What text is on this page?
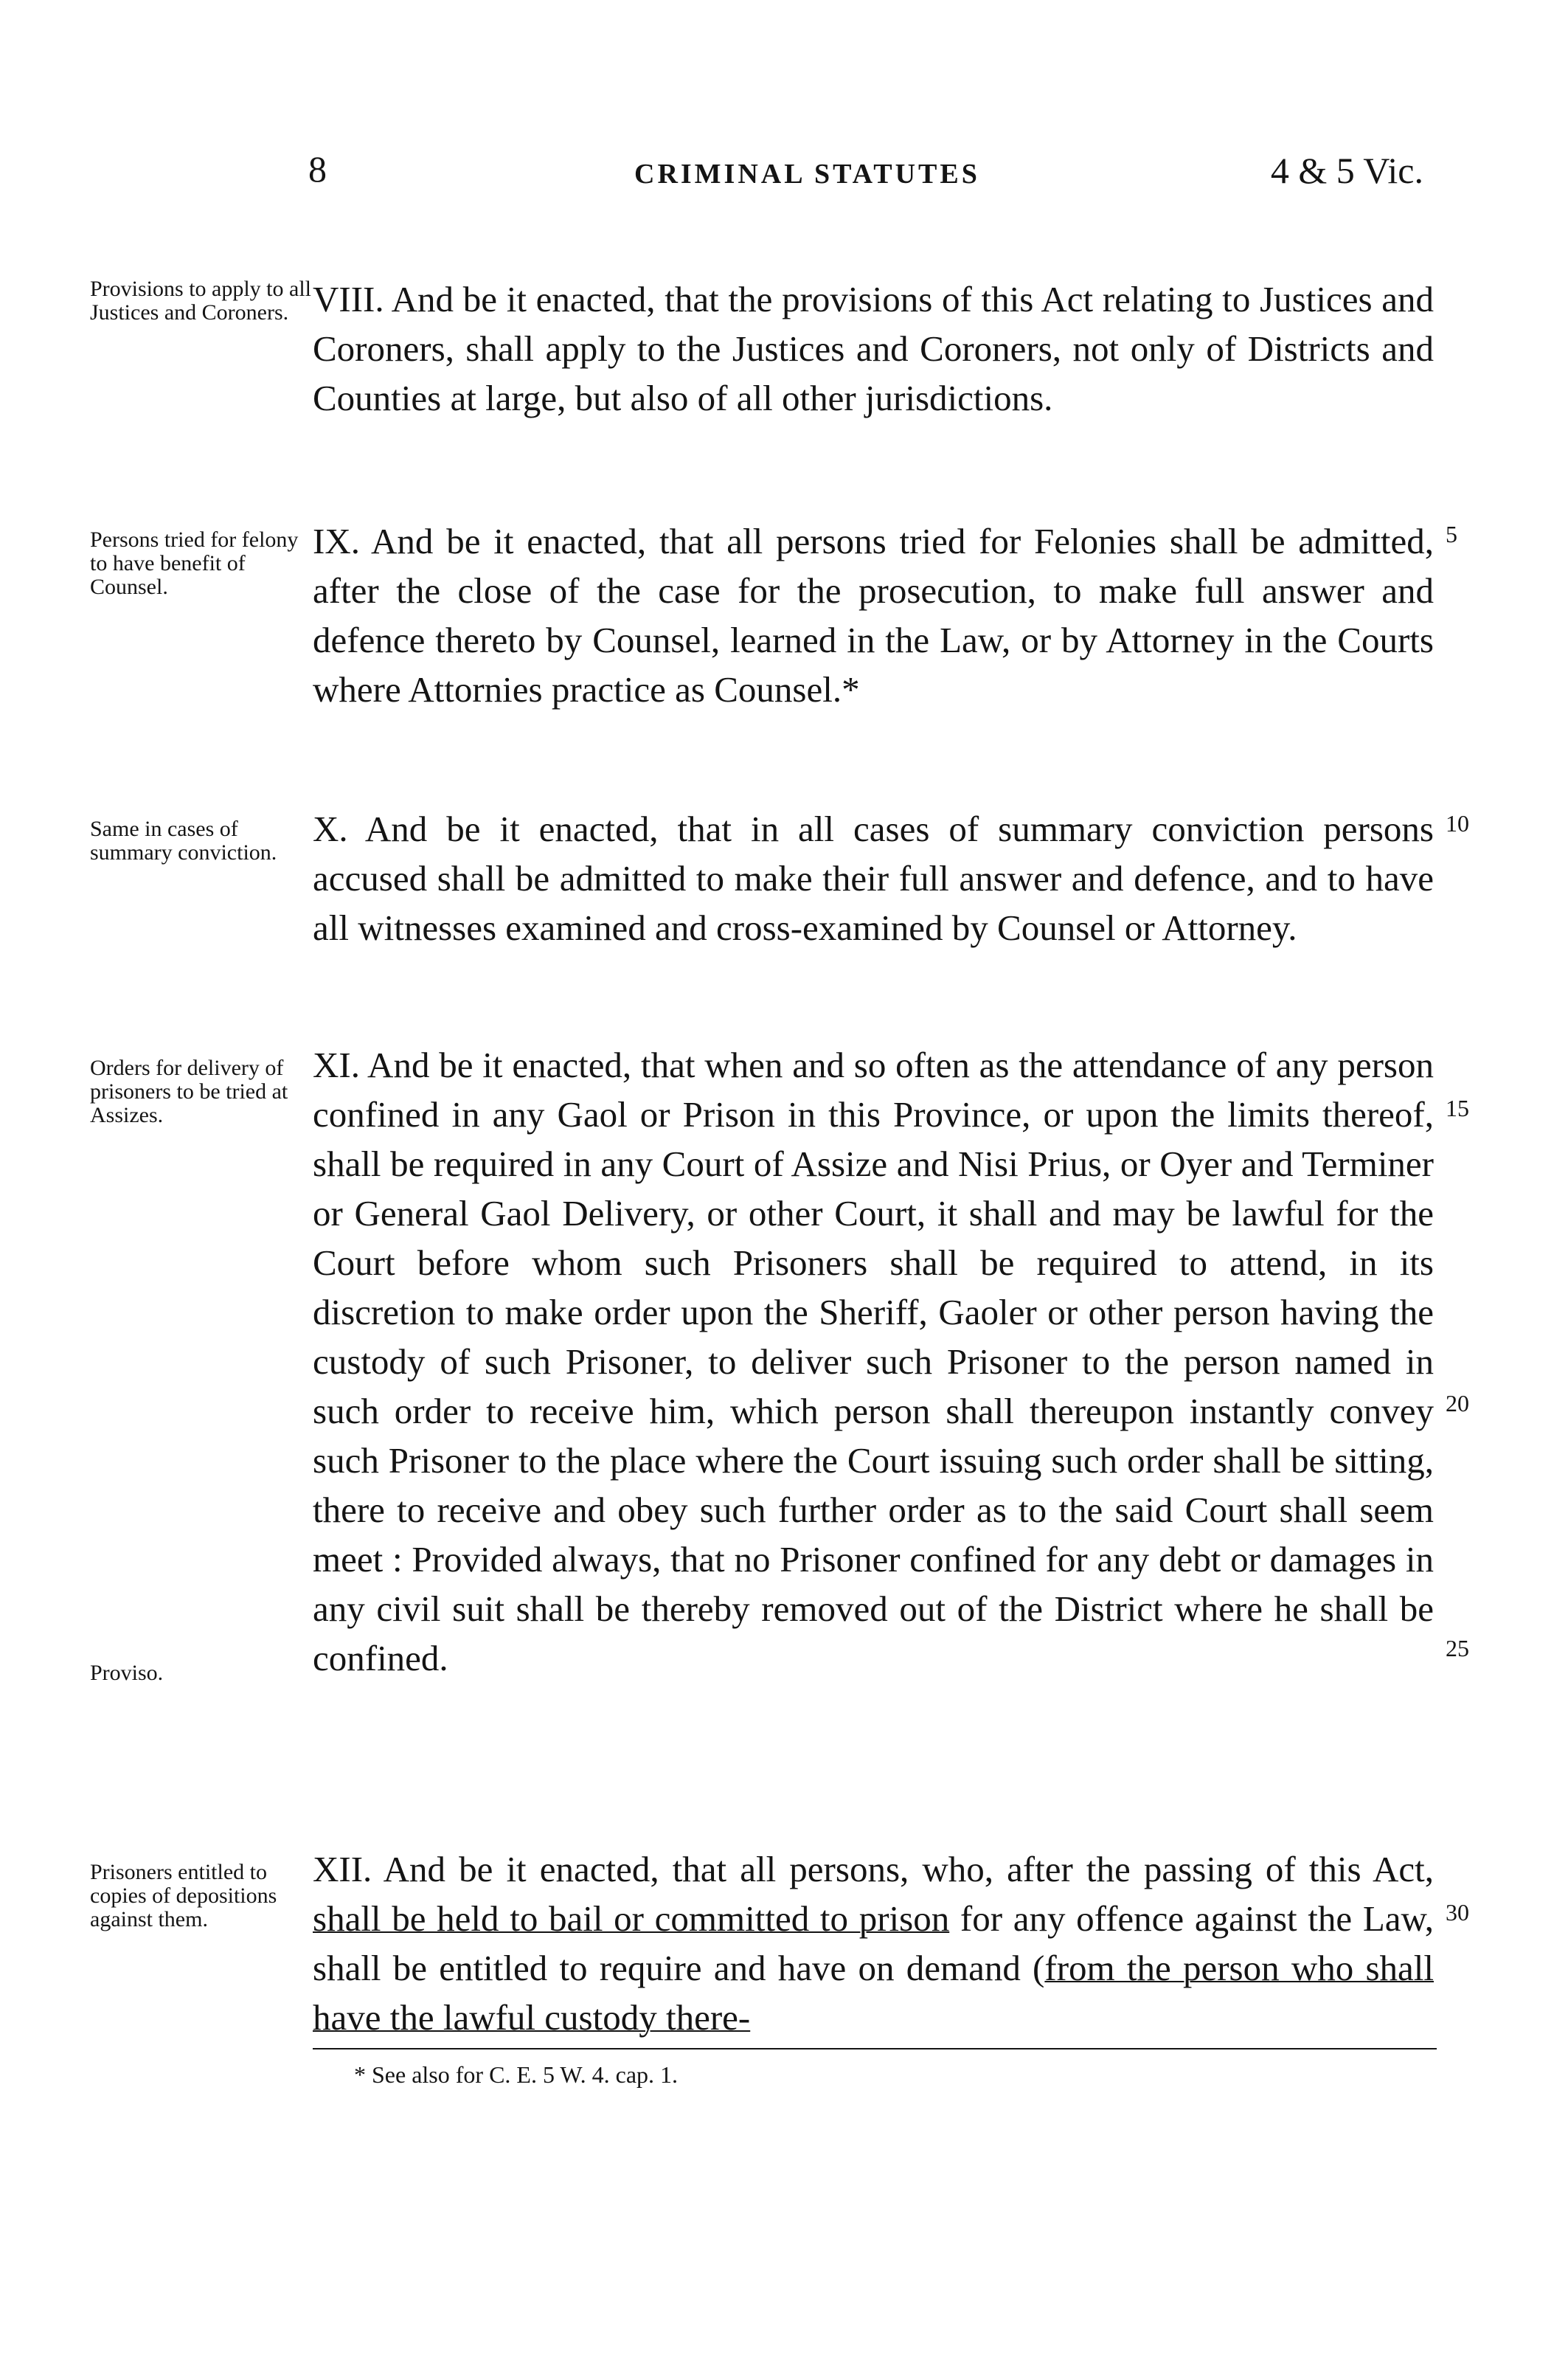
8	CRIMINAL STATUTES	4 & 5 Vic.
Provisions to apply to all Justices and Coroners. VIII. And be it enacted, that the provisions of this Act relating to Justices and Coroners, shall apply to the Justices and Coroners, not only of Districts and Counties at large, but also of all other jurisdictions.
Persons tried for felony to have benefit of Counsel.
IX. And be it enacted, that all persons tried for Felonies shall be admitted, after the close of the case for the prosecution, to make full answer and defence thereto by Counsel, learned in the Law, or by Attorney in the Courts where Attornies practice as Counsel.*
5
Same in cases of summary conviction.
X. And be it enacted, that in all cases of summary conviction persons accused shall be admitted to make their full answer and defence, and to have all witnesses examined and cross-examined by Counsel or Attorney.
10
Orders for delivery of prisoners to be tried at Assizes.
Proviso.
XI. And be it enacted, that when and so often as the attendance of any person confined in any Gaol or Prison in this Province, or upon the limits thereof, shall be required in any Court of Assize and Nisi Prius, or Oyer and Terminer or General Gaol Delivery, or other Court, it shall and may be lawful for the Court before whom such Prisoners shall be required to attend, in its discretion to make order upon the Sheriff, Gaoler or other person having the custody of such Prisoner, to deliver such Prisoner to the person named in such order to receive him, which person shall thereupon instantly convey such Prisoner to the place where the Court issuing such order shall be sitting, there to receive and obey such further order as to the said Court shall seem meet : Provided always, that no Prisoner confined for any debt or damages in any civil suit shall be thereby removed out of the District where he shall be confined.
15
20
25
Prisoners entitled to copies of depositions against them.
XII. And be it enacted, that all persons, who, after the passing of this Act, shall be held to bail or committed to prison for any offence against the Law, shall be entitled to require and have on demand (from the person who shall have the lawful custody there-
30
* See also for C. E. 5 W. 4. cap. 1.
